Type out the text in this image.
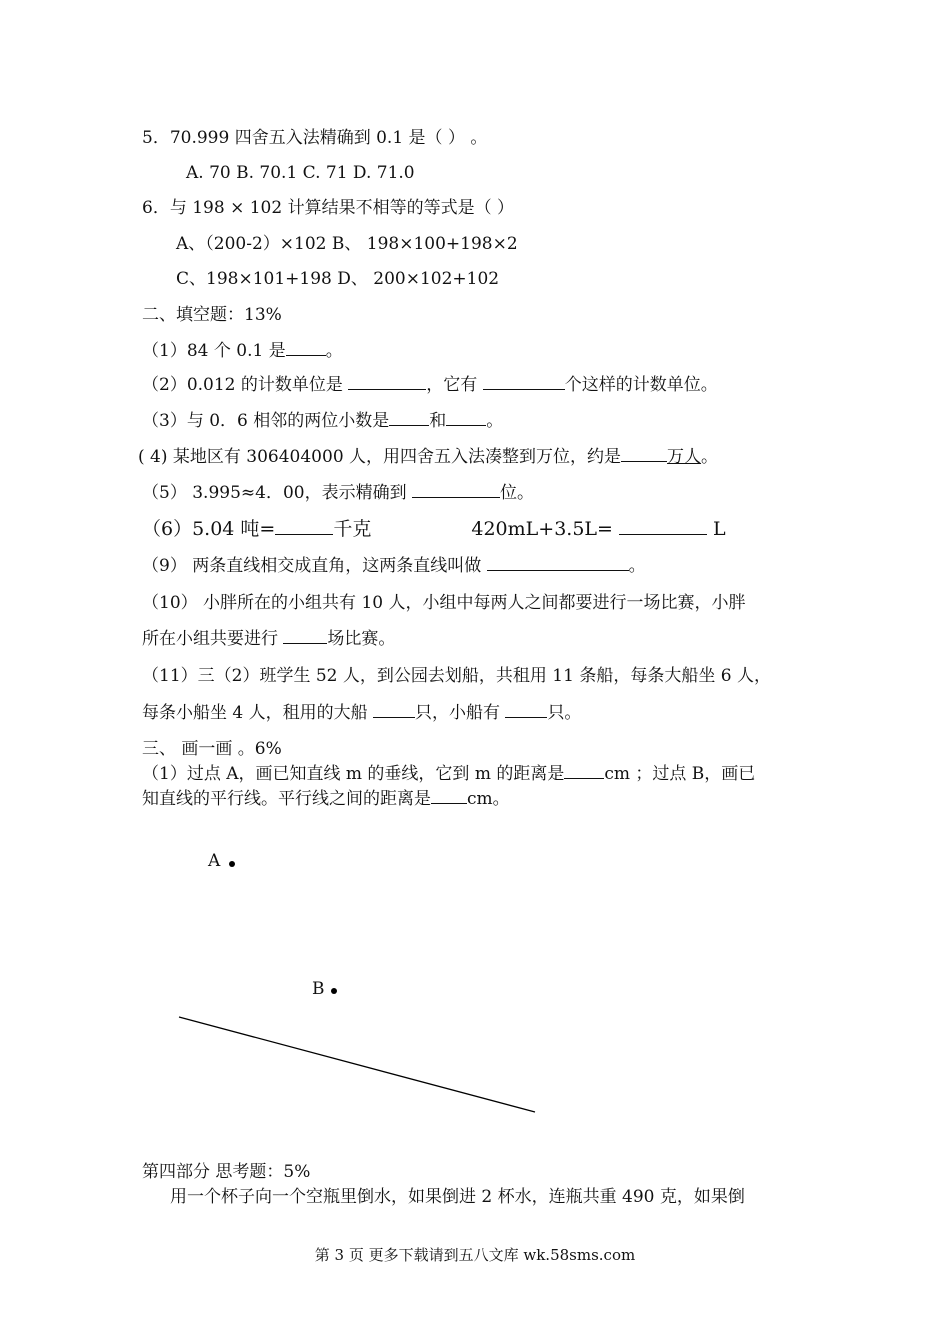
5．70.999 四舍五入法精确到 0.1 是（ ） 。
A. 70 B. 70.1 C. 71 D. 71.0
6．与 198 × 102 计算结果不相等的等式是（ ）
A、（200-2）×102 B、 198×100+198×2
C、198×101+198 D、 200×102+102
二、填空题：13%
（1）84 个 0.1 是 。
（2）0.012 的计数单位是	，它有	个这样的计数单位。
（3）与 0．6 相邻的两位小数是 和 。
( 4) 某地区有 306404000 人，用四舍五入法凑整到万位，约是	万人。
（5） 3.995≈4．00，表示精确到	位。
（6）5.04 吨=	千克	420mL+3.5L=	L
（9） 两条直线相交成直角，这两条直线叫做	。
（10） 小胖所在的小组共有 10 人，小组中每两人之间都要进行一场比赛，小胖
所在小组共要进行	场比赛。
（11）三（2）班学生 52 人，到公园去划船，共租用 11 条船，每条大船坐 6 人，
每条小船坐 4 人，租用的大船 只，小船有 只。
三、 画一画 。6%
（1）过点 A，画已知直线 m 的垂线，它到 m 的距离是 cm ；过点 B，画已
知直线的平行线。平行线之间的距离是 cm。
A
B
第四部分 思考题：5%
用一个杯子向一个空瓶里倒水，如果倒进 2 杯水，连瓶共重 490 克，如果倒
第 3 页 更多下载请到五八文库 wk.58sms.com
